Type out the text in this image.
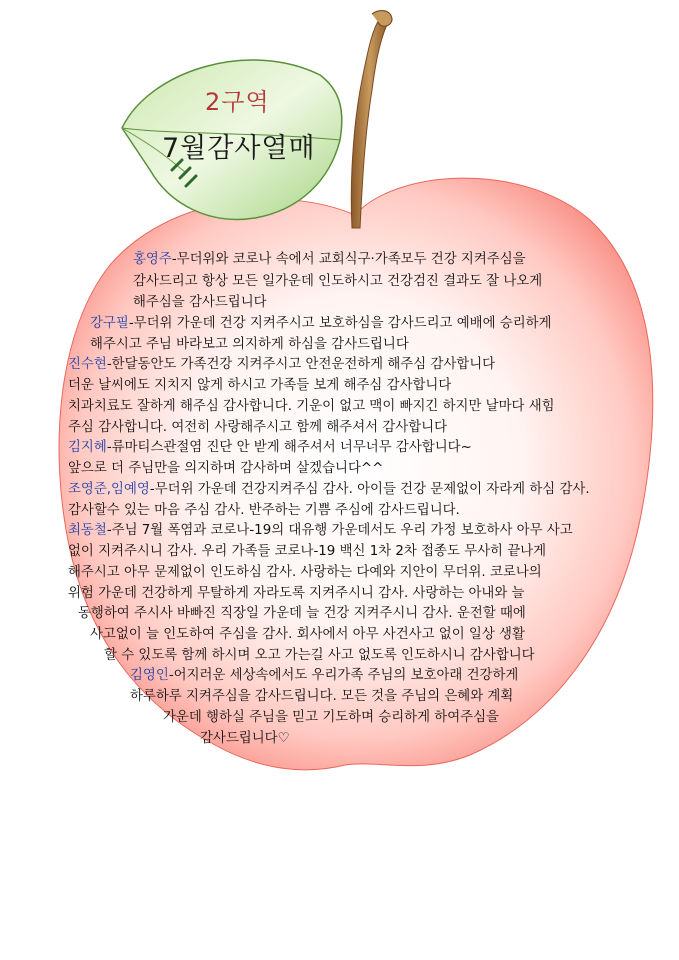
2구역
7월감사열매
홍영주-무더위와 코로나 속에서 교회식구·가족모두 건강 지켜주심을
감사드리고 항상 모든 일가운데 인도하시고 건강검진 결과도 잘 나오게
해주심을 감사드립니다
강구필-무더위 가운데 건강 지켜주시고 보호하심을 감사드리고 예배에 승리하게
해주시고 주님 바라보고 의지하게 하심을 감사드립니다
진수현-한달동안도 가족건강 지켜주시고 안전운전하게 해주심 감사합니다
더운 날씨에도 지치지 않게 하시고 가족들 보게 해주심 감사합니다
치과치료도 잘하게 해주심 감사합니다. 기운이 없고 맥이 빠지긴 하지만 날마다 새힘
주심 감사합니다. 여전히 사랑해주시고 함께 해주셔서 감사합니다
김지혜-류마티스관절염 진단 안 받게 해주셔서 너무너무 감사합니다~
앞으로 더 주님만을 의지하며 감사하며 살겠습니다^^
조영준,임예영-무더위 가운데 건강지켜주심 감사. 아이들 건강 문제없이 자라게 하심 감사.
감사할수 있는 마음 주심 감사. 반주하는 기쁨 주심에 감사드립니다.
최동철-주님 7월 폭염과 코로나-19의 대유행 가운데서도 우리 가정 보호하사 아무 사고
없이 지켜주시니 감사. 우리 가족들 코로나-19 백신 1차 2차 접종도 무사히 끝나게
해주시고 아무 문제없이 인도하심 감사. 사랑하는 다예와 지안이 무더위. 코로나의
위험 가운데 건강하게 무탈하게 자라도록 지켜주시니 감사. 사랑하는 아내와 늘
동행하여 주시사 바빠진 직장일 가운데 늘 건강 지켜주시니 감사. 운전할 때에
사고없이 늘 인도하여 주심을 감사. 회사에서 아무 사건사고 없이 일상 생활
할 수 있도록 함께 하시며 오고 가는길 사고 없도록 인도하시니 감사합니다
김영인-어지러운 세상속에서도 우리가족 주님의 보호아래 건강하게
하루하루 지켜주심을 감사드립니다. 모든 것을 주님의 은혜와 계획
가운데 행하실 주님을 믿고 기도하며 승리하게 하여주심을
감사드립니다♡
